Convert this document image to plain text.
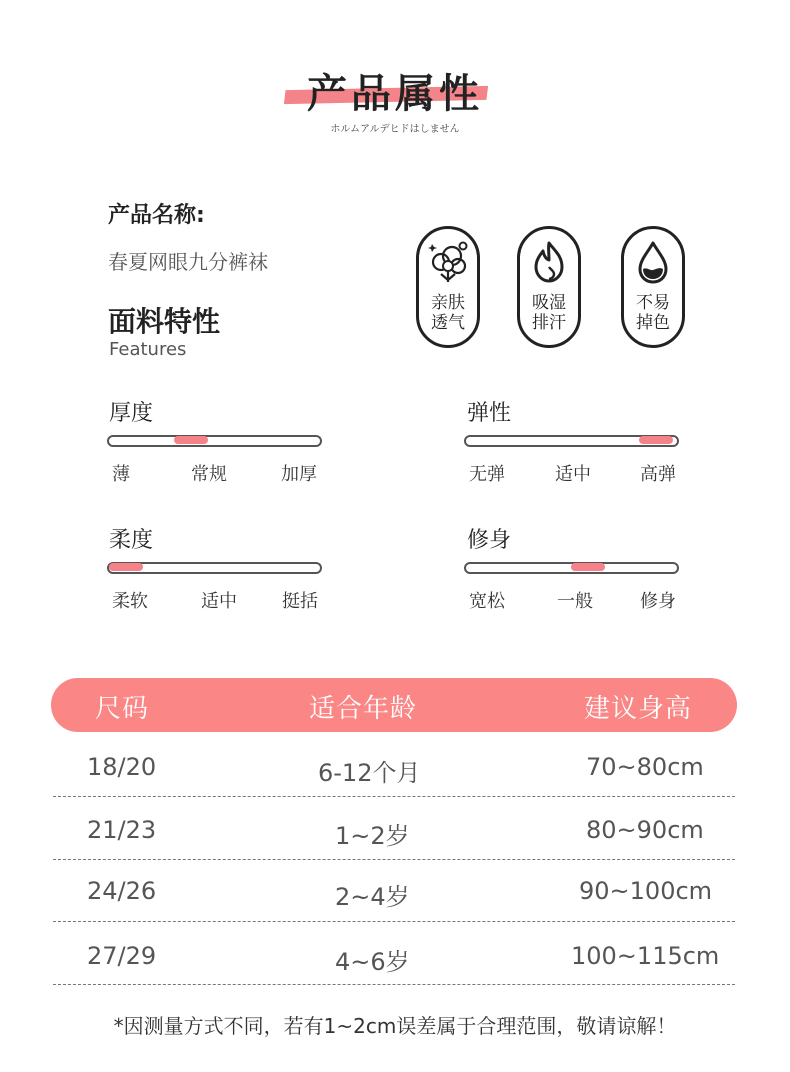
产品属性
ホルムアルデヒドはしません
产品名称:
春夏网眼九分裤袜
面料特性
Features
亲肤
透气
吸湿
排汗
不易
掉色
厚度
薄	常规	加厚
弹性
无弹	适中	高弹
柔度
柔软	适中	挺括
修身
宽松	一般	修身
尺码	适合年龄	建议身高
18/20	6-12个月	70~80cm
21/23	1~2岁	80~90cm
24/26	2~4岁	90~100cm
27/29	4~6岁	100~115cm
*因测量方式不同，若有1~2cm误差属于合理范围，敬请谅解！
